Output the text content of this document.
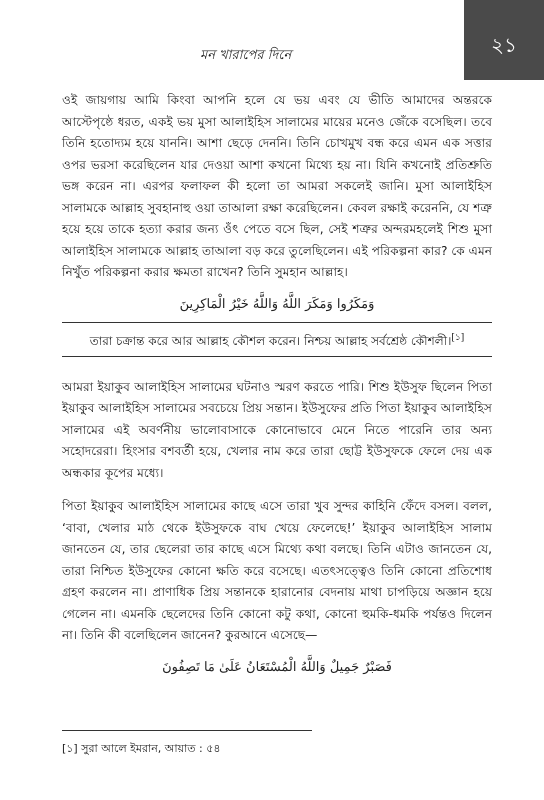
মন খারাপের দিনে	২১

ওই জায়গায় আমি কিংবা আপনি হলে যে ভয় এবং যে ভীতি আমাদের অন্তরকে আস্টেপৃষ্ঠে ধরত, একই ভয় মুসা আলাইহিস সালামের মায়ের মনেও জেঁকে বসেছিল। তবে তিনি হতোদ্যম হয়ে যাননি। আশা ছেড়ে দেননি। তিনি চোখমুখ বন্ধ করে এমন এক সত্তার ওপর ভরসা করেছিলেন যার দেওয়া আশা কখনো মিথ্যে হয় না। যিনি কখনোই প্রতিশ্রুতি ভঙ্গ করেন না। এরপর ফলাফল কী হলো তা আমরা সকলেই জানি। মুসা আলাইহিস সালামকে আল্লাহ সুবহানাহু ওয়া তাআলা রক্ষা করেছিলেন। কেবল রক্ষাই করেননি, যে শত্রু হয়ে হয়ে তাকে হত্যা করার জন্য ওঁৎ পেতে বসে ছিল, সেই শত্রুর অন্দরমহলেই শিশু মুসা আলাইহিস সালামকে আল্লাহ তাআলা বড় করে তুলেছিলেন। এই পরিকল্পনা কার? কে এমন নিখুঁত পরিকল্পনা করার ক্ষমতা রাখেন? তিনি সুমহান আল্লাহ।

وَمَكَرُوا وَمَكَرَ اللَّهُ وَاللَّهُ خَيْرُ الْمَاكِرِينَ
তারা চক্রান্ত করে আর আল্লাহ কৌশল করেন। নিশ্চয় আল্লাহ সর্বশ্রেষ্ঠ কৌশলী।[১]

আমরা ইয়াকুব আলাইহিস সালামের ঘটনাও স্মরণ করতে পারি। শিশু ইউসুফ ছিলেন পিতা ইয়াকুব আলাইহিস সালামের সবচেয়ে প্রিয় সন্তান। ইউসুফের প্রতি পিতা ইয়াকুব আলাইহিস সালামের এই অবর্ণনীয় ভালোবাসাকে কোনোভাবে মেনে নিতে পারেনি তার অন্য সহোদরেরা। হিংসার বশবর্তী হয়ে, খেলার নাম করে তারা ছোট্ট ইউসুফকে ফেলে দেয় এক অন্ধকার কূপের মধ্যে।

পিতা ইয়াকুব আলাইহিস সালামের কাছে এসে তারা খুব সুন্দর কাহিনি ফেঁদে বসল। বলল, ‘বাবা, খেলার মাঠ থেকে ইউসুফকে বাঘ খেয়ে ফেলেছে!’ ইয়াকুব আলাইহিস সালাম জানতেন যে, তার ছেলেরা তার কাছে এসে মিথ্যে কথা বলছে। তিনি এটাও জানতেন যে, তারা নিশ্চিত ইউসুফের কোনো ক্ষতি করে বসেছে। এতৎসত্ত্বেও তিনি কোনো প্রতিশোধ গ্রহণ করলেন না। প্রাণাধিক প্রিয় সন্তানকে হারানোর বেদনায় মাথা চাপড়িয়ে অজ্ঞান হয়ে গেলেন না। এমনকি ছেলেদের তিনি কোনো কটু কথা, কোনো হুমকি-ধমকি পর্যন্তও দিলেন না। তিনি কী বলেছিলেন জানেন? কুরআনে এসেছে—

فَصَبْرٌ جَمِيلٌ وَاللَّهُ الْمُسْتَعَانُ عَلَىٰ مَا تَصِفُونَ
[১] সুরা আলে ইমরান, আয়াত : ৫৪
